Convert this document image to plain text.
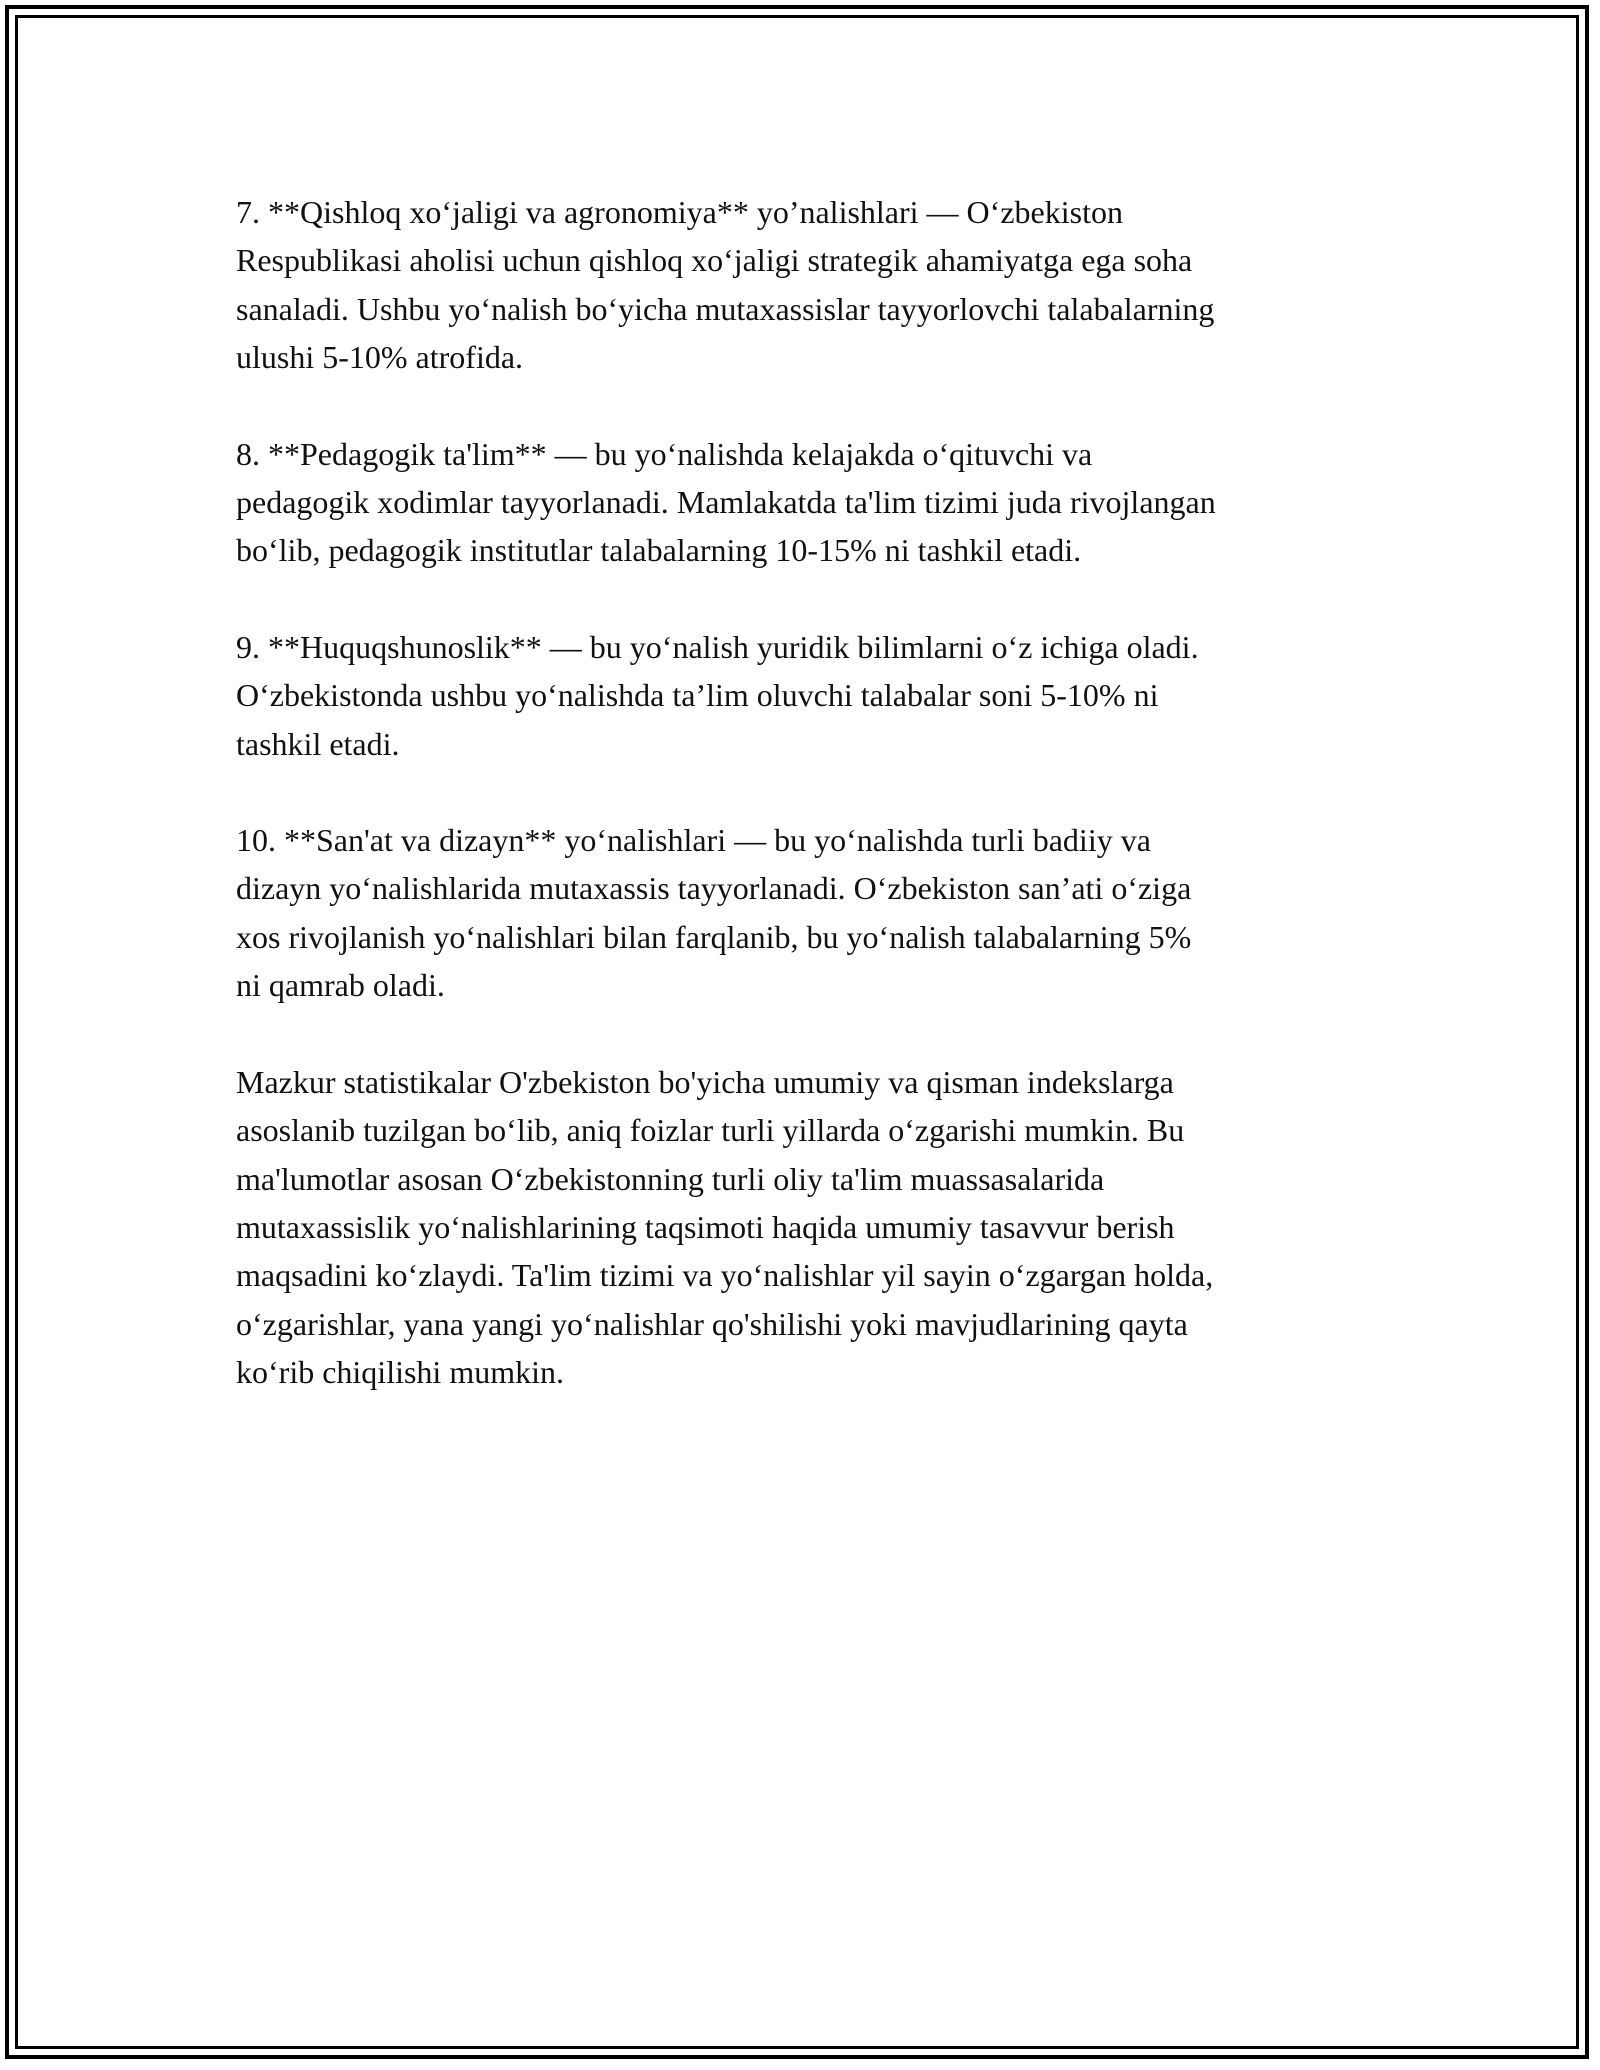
7. **Qishloq xo‘jaligi va agronomiya** yo’nalishlari — O‘zbekiston
Respublikasi aholisi uchun qishloq xo‘jaligi strategik ahamiyatga ega soha
sanaladi. Ushbu yo‘nalish bo‘yicha mutaxassislar tayyorlovchi talabalarning
ulushi 5-10% atrofida.

8. **Pedagogik ta'lim** — bu yo‘nalishda kelajakda o‘qituvchi va
pedagogik xodimlar tayyorlanadi. Mamlakatda ta'lim tizimi juda rivojlangan
bo‘lib, pedagogik institutlar talabalarning 10-15% ni tashkil etadi.

9. **Huquqshunoslik** — bu yo‘nalish yuridik bilimlarni o‘z ichiga oladi.
O‘zbekistonda ushbu yo‘nalishda ta’lim oluvchi talabalar soni 5-10% ni
tashkil etadi.

10. **San'at va dizayn** yo‘nalishlari — bu yo‘nalishda turli badiiy va
dizayn yo‘nalishlarida mutaxassis tayyorlanadi. O‘zbekiston san’ati o‘ziga
xos rivojlanish yo‘nalishlari bilan farqlanib, bu yo‘nalish talabalarning 5%
ni qamrab oladi.

Mazkur statistikalar O'zbekiston bo'yicha umumiy va qisman indekslarga
asoslanib tuzilgan bo‘lib, aniq foizlar turli yillarda o‘zgarishi mumkin. Bu
ma'lumotlar asosan O‘zbekistonning turli oliy ta'lim muassasalarida
mutaxassislik yo‘nalishlarining taqsimoti haqida umumiy tasavvur berish
maqsadini ko‘zlaydi. Ta'lim tizimi va yo‘nalishlar yil sayin o‘zgargan holda,
o‘zgarishlar, yana yangi yo‘nalishlar qo'shilishi yoki mavjudlarining qayta
ko‘rib chiqilishi mumkin.
